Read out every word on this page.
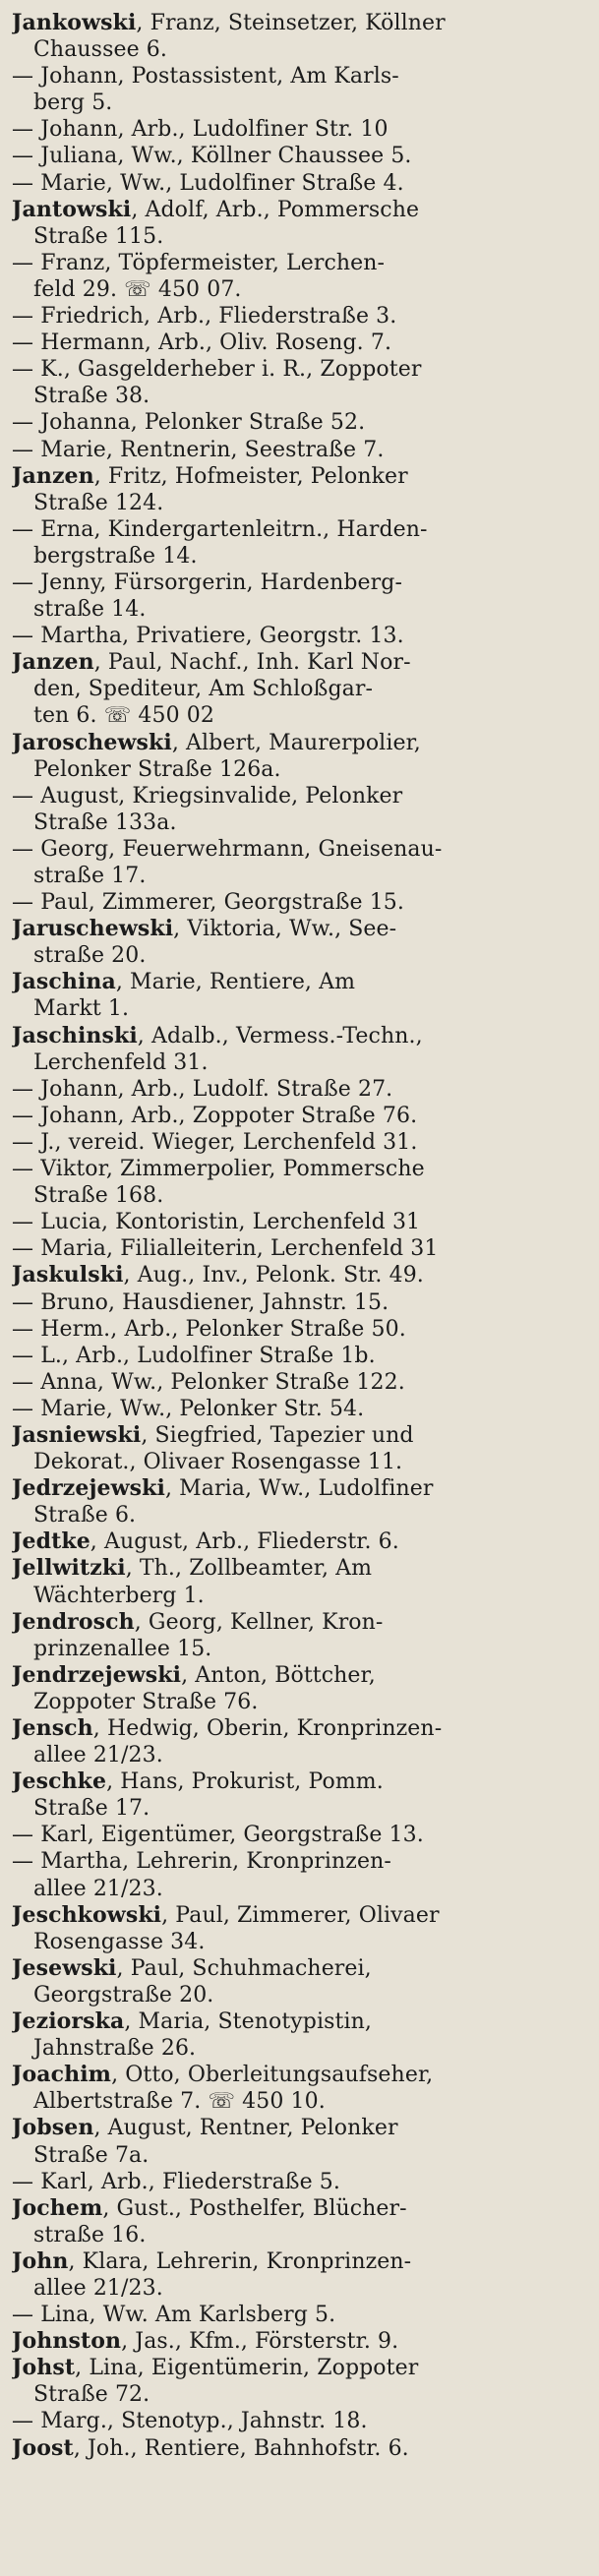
Jankowski, Franz, Steinsetzer, Köllner
Chaussee 6.
— Johann, Postassistent, Am Karls-
berg 5.
— Johann, Arb., Ludolfiner Str. 10
— Juliana, Ww., Köllner Chaussee 5.
— Marie, Ww., Ludolfiner Straße 4.
Jantowski, Adolf, Arb., Pommersche
Straße 115.
— Franz, Töpfermeister, Lerchen-
feld 29. ☏ 450 07.
— Friedrich, Arb., Fliederstraße 3.
— Hermann, Arb., Oliv. Roseng. 7.
— K., Gasgelderheber i. R., Zoppoter
Straße 38.
— Johanna, Pelonker Straße 52.
— Marie, Rentnerin, Seestraße 7.
Janzen, Fritz, Hofmeister, Pelonker
Straße 124.
— Erna, Kindergartenleitrn., Harden-
bergstraße 14.
— Jenny, Fürsorgerin, Hardenberg-
straße 14.
— Martha, Privatiere, Georgstr. 13.
Janzen, Paul, Nachf., Inh. Karl Nor-
den, Spediteur, Am Schloßgar-
ten 6. ☏ 450 02
Jaroschewski, Albert, Maurerpolier,
Pelonker Straße 126a.
— August, Kriegsinvalide, Pelonker
Straße 133a.
— Georg, Feuerwehrmann, Gneisenau-
straße 17.
— Paul, Zimmerer, Georgstraße 15.
Jaruschewski, Viktoria, Ww., See-
straße 20.
Jaschina, Marie, Rentiere, Am
Markt 1.
Jaschinski, Adalb., Vermess.-Techn.,
Lerchenfeld 31.
— Johann, Arb., Ludolf. Straße 27.
— Johann, Arb., Zoppoter Straße 76.
— J., vereid. Wieger, Lerchenfeld 31.
— Viktor, Zimmerpolier, Pommersche
Straße 168.
— Lucia, Kontoristin, Lerchenfeld 31
— Maria, Filialleiterin, Lerchenfeld 31
Jaskulski, Aug., Inv., Pelonk. Str. 49.
— Bruno, Hausdiener, Jahnstr. 15.
— Herm., Arb., Pelonker Straße 50.
— L., Arb., Ludolfiner Straße 1b.
— Anna, Ww., Pelonker Straße 122.
— Marie, Ww., Pelonker Str. 54.
Jasniewski, Siegfried, Tapezier und
Dekorat., Olivaer Rosengasse 11.
Jedrzejewski, Maria, Ww., Ludolfiner
Straße 6.
Jedtke, August, Arb., Fliederstr. 6.
Jellwitzki, Th., Zollbeamter, Am
Wächterberg 1.
Jendrosch, Georg, Kellner, Kron-
prinzenallee 15.
Jendrzejewski, Anton, Böttcher,
Zoppoter Straße 76.
Jensch, Hedwig, Oberin, Kronprinzen-
allee 21/23.
Jeschke, Hans, Prokurist, Pomm.
Straße 17.
— Karl, Eigentümer, Georgstraße 13.
— Martha, Lehrerin, Kronprinzen-
allee 21/23.
Jeschkowski, Paul, Zimmerer, Olivaer
Rosengasse 34.
Jesewski, Paul, Schuhmacherei,
Georgstraße 20.
Jeziorska, Maria, Stenotypistin,
Jahnstraße 26.
Joachim, Otto, Oberleitungsaufseher,
Albertstraße 7. ☏ 450 10.
Jobsen, August, Rentner, Pelonker
Straße 7a.
— Karl, Arb., Fliederstraße 5.
Jochem, Gust., Posthelfer, Blücher-
straße 16.
John, Klara, Lehrerin, Kronprinzen-
allee 21/23.
— Lina, Ww. Am Karlsberg 5.
Johnston, Jas., Kfm., Försterstr. 9.
Johst, Lina, Eigentümerin, Zoppoter
Straße 72.
— Marg., Stenotyp., Jahnstr. 18.
Joost, Joh., Rentiere, Bahnhofstr. 6.
